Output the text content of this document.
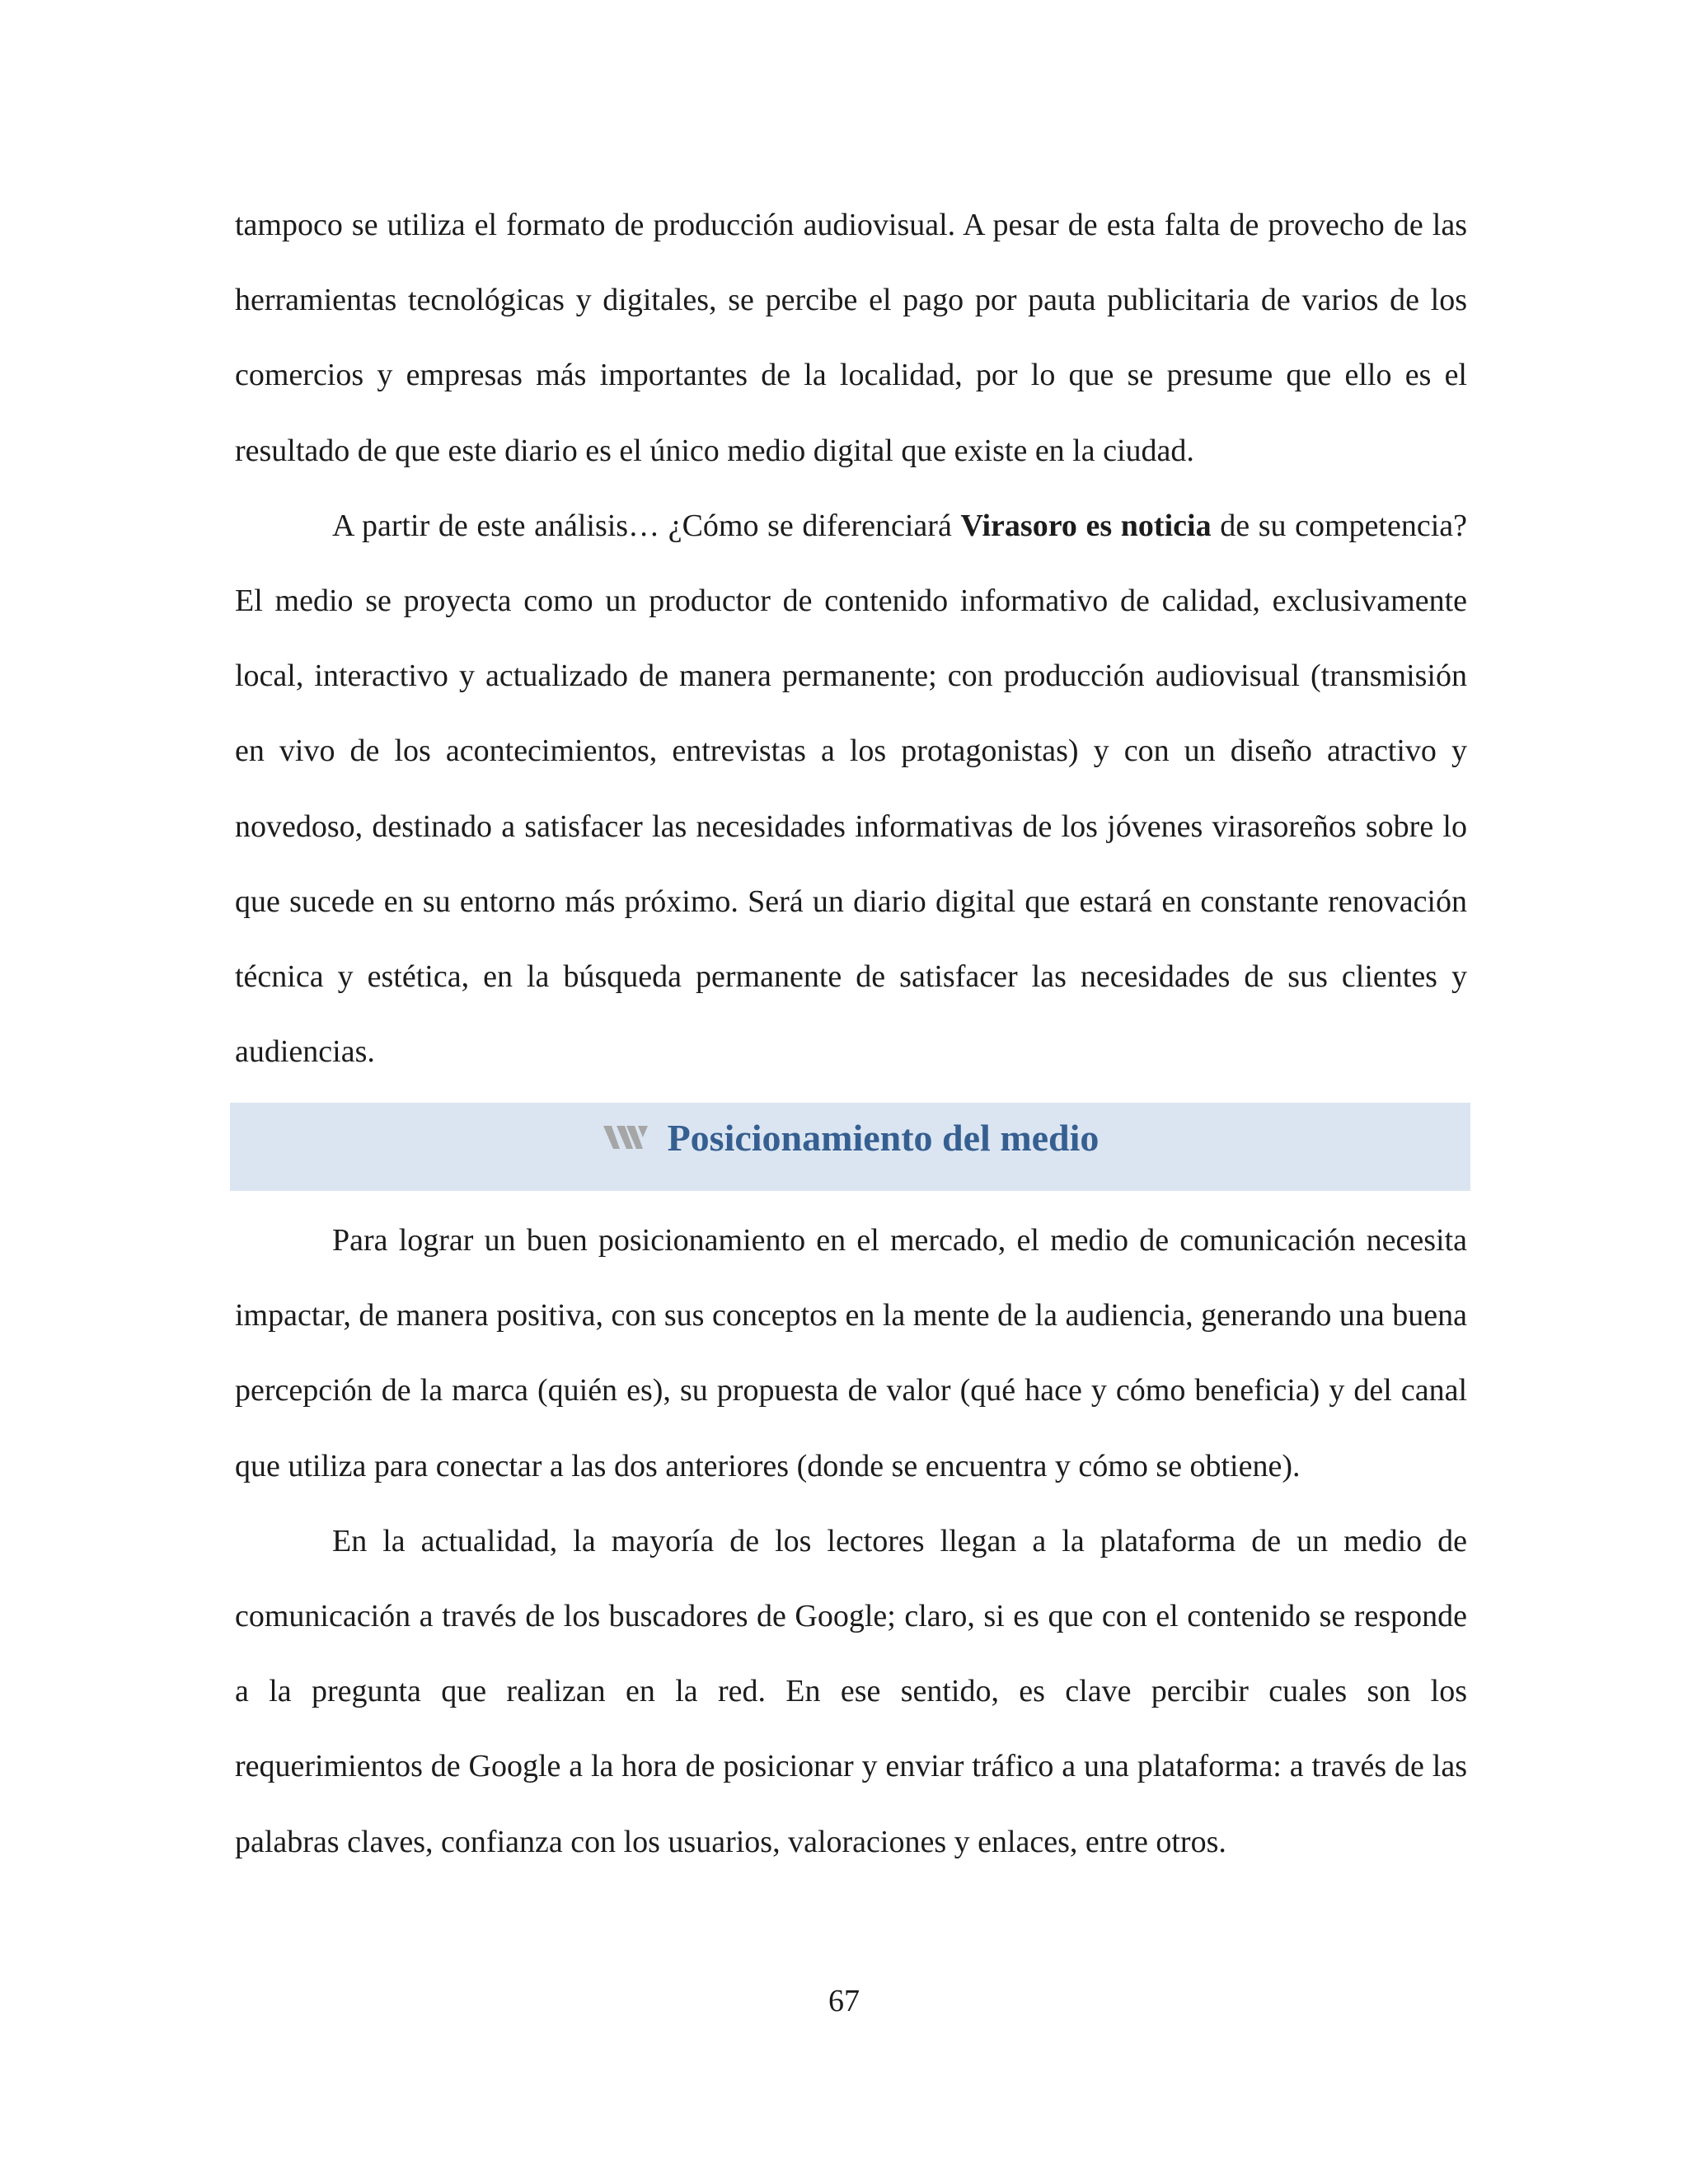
tampoco se utiliza el formato de producción audiovisual. A pesar de esta falta de provecho de las herramientas tecnológicas y digitales, se percibe el pago por pauta publicitaria de varios de los comercios y empresas más importantes de la localidad, por lo que se presume que ello es el resultado de que este diario es el único medio digital que existe en la ciudad.

A partir de este análisis… ¿Cómo se diferenciará Virasoro es noticia de su competencia? El medio se proyecta como un productor de contenido informativo de calidad, exclusivamente local, interactivo y actualizado de manera permanente; con producción audiovisual (transmisión en vivo de los acontecimientos, entrevistas a los protagonistas) y con un diseño atractivo y novedoso, destinado a satisfacer las necesidades informativas de los jóvenes virasoreños sobre lo que sucede en su entorno más próximo. Será un diario digital que estará en constante renovación técnica y estética, en la búsqueda permanente de satisfacer las necesidades de sus clientes y audiencias.

Posicionamiento del medio

Para lograr un buen posicionamiento en el mercado, el medio de comunicación necesita impactar, de manera positiva, con sus conceptos en la mente de la audiencia, generando una buena percepción de la marca (quién es), su propuesta de valor (qué hace y cómo beneficia) y del canal que utiliza para conectar a las dos anteriores (donde se encuentra y cómo se obtiene).

En la actualidad, la mayoría de los lectores llegan a la plataforma de un medio de comunicación a través de los buscadores de Google; claro, si es que con el contenido se responde a la pregunta que realizan en la red. En ese sentido, es clave percibir cuales son los requerimientos de Google a la hora de posicionar y enviar tráfico a una plataforma: a través de las palabras claves, confianza con los usuarios, valoraciones y enlaces, entre otros.

67
